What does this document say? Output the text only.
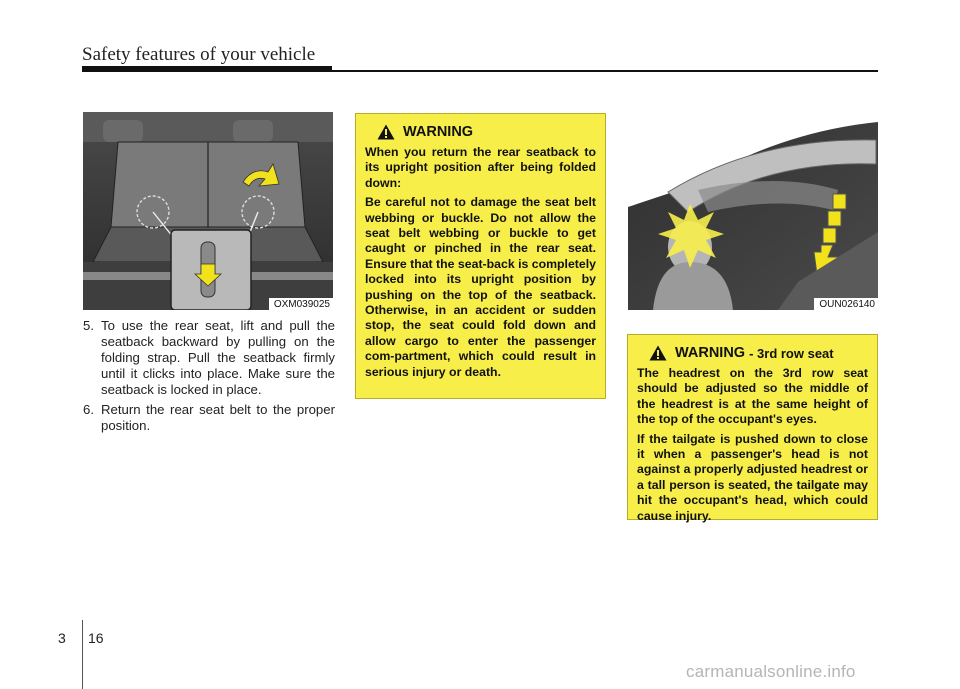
Safety features of your vehicle
OXM039025
5. To use the rear seat, lift and pull the seatback backward by pulling on the folding strap. Pull the seatback firmly until it clicks into place. Make sure the seatback is locked in place.
6. Return the rear seat belt to the proper position.
WARNING

When you return the rear seatback to its upright position after being folded down:

Be careful not to damage the seat belt webbing or buckle. Do not allow the seat belt webbing or buckle to get caught or pinched in the rear seat. Ensure that the seat-back is completely locked into its upright position by pushing on the top of the seatback. Otherwise, in an accident or sudden stop, the seat could fold down and allow cargo to enter the passenger com-partment, which could result in serious injury or death.

OUN026140
WARNING - 3rd row seat

The headrest on the 3rd row seat should be adjusted so the middle of the headrest is at the same height of the top of the occupant's eyes.

If the tailgate is pushed down to close it when a passenger's head is not against a properly adjusted headrest or a tall person is seated, the tailgate may hit the occupant's head, which could cause injury.

3 16
carmanualsonline.info
